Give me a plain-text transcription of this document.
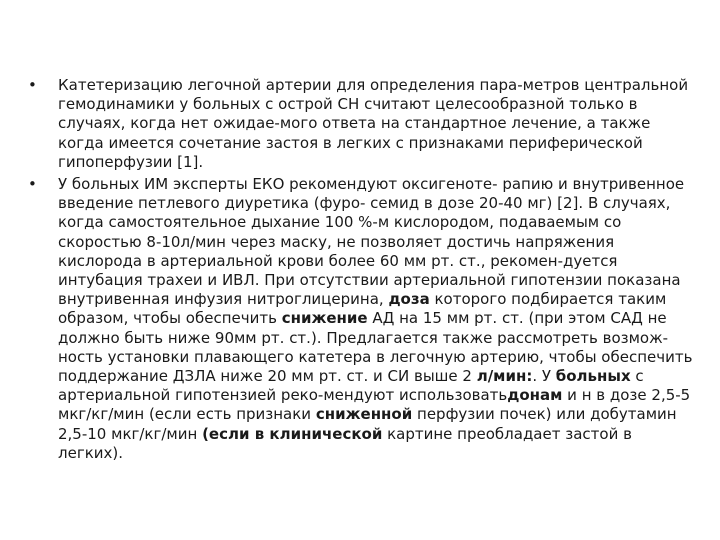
• Катетеризацию легочной артерии для определения пара-метров центральной гемодинамики у больных с острой СН считают целесообразной только в случаях, когда нет ожидае-мого ответа на стандартное лечение, а также когда имеется сочетание застоя в легких с признаками периферической гипоперфузии [1].
• У больных ИМ эксперты ЕКО рекомендуют оксигеноте- рапию и внутривенное введение петлевого диуретика (фуро- семид в дозе 20-40 мг) [2]. В случаях, когда самостоятельное дыхание 100 %-м кислородом, подаваемым со скоростью 8-10л/мин через маску, не позволяет достичь напряжения кислорода в артериальной крови более 60 мм рт. ст., рекомен-дуется интубация трахеи и ИВЛ. При отсутствии артериальной гипотензии показана внутривенная инфузия нитроглицерина, доза которого подбирается таким образом, чтобы обеспечить снижение АД на 15 мм рт. ст. (при этом САД не должно быть ниже 90мм рт. ст.). Предлагается также рассмотреть возмож-ность установки плавающего катетера в легочную артерию, чтобы обеспечить поддержание ДЗЛА ниже 20 мм рт. ст. и СИ выше 2 л/мин:. У больных с артериальной гипотензией реко-мендуют использоватьдонам и н в дозе 2,5-5 мкг/кг/мин (если есть признаки сниженной перфузии почек) или добутамин 2,5-10 мкг/кг/мин (если в клинической картине преобладает застой в легких).
